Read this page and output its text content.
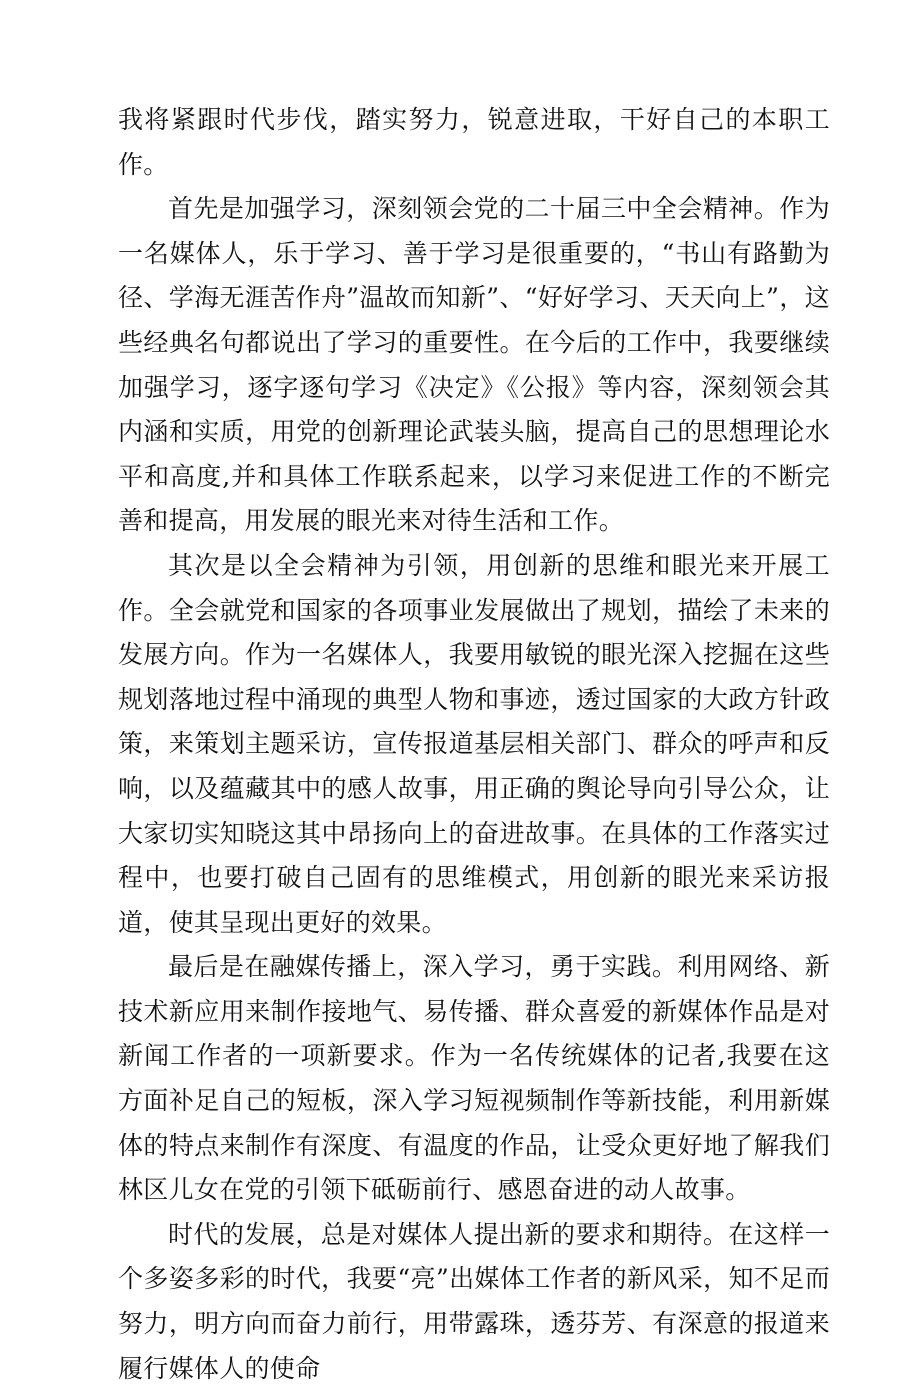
我将紧跟时代步伐，踏实努力，锐意进取，干好自己的本职工作。

首先是加强学习，深刻领会党的二十届三中全会精神。作为一名媒体人，乐于学习、善于学习是很重要的，“书山有路勤为径、学海无涯苦作舟”温故而知新”、“好好学习、天天向上”，这些经典名句都说出了学习的重要性。在今后的工作中，我要继续加强学习，逐字逐句学习《决定》《公报》等内容，深刻领会其内涵和实质，用党的创新理论武装头脑，提高自己的思想理论水平和高度,并和具体工作联系起来，以学习来促进工作的不断完善和提高，用发展的眼光来对待生活和工作。

其次是以全会精神为引领，用创新的思维和眼光来开展工作。全会就党和国家的各项事业发展做出了规划，描绘了未来的发展方向。作为一名媒体人，我要用敏锐的眼光深入挖掘在这些规划落地过程中涌现的典型人物和事迹，透过国家的大政方针政策，来策划主题采访，宣传报道基层相关部门、群众的呼声和反响，以及蕴藏其中的感人故事，用正确的舆论导向引导公众，让大家切实知晓这其中昂扬向上的奋进故事。在具体的工作落实过程中，也要打破自己固有的思维模式，用创新的眼光来采访报道，使其呈现出更好的效果。

最后是在融媒传播上，深入学习，勇于实践。利用网络、新技术新应用来制作接地气、易传播、群众喜爱的新媒体作品是对新闻工作者的一项新要求。作为一名传统媒体的记者,我要在这方面补足自己的短板，深入学习短视频制作等新技能，利用新媒体的特点来制作有深度、有温度的作品，让受众更好地了解我们林区儿女在党的引领下砥砺前行、感恩奋进的动人故事。

时代的发展，总是对媒体人提出新的要求和期待。在这样一个多姿多彩的时代，我要“亮”出媒体工作者的新风采，知不足而努力，明方向而奋力前行，用带露珠，透芬芳、有深意的报道来履行媒体人的使命
